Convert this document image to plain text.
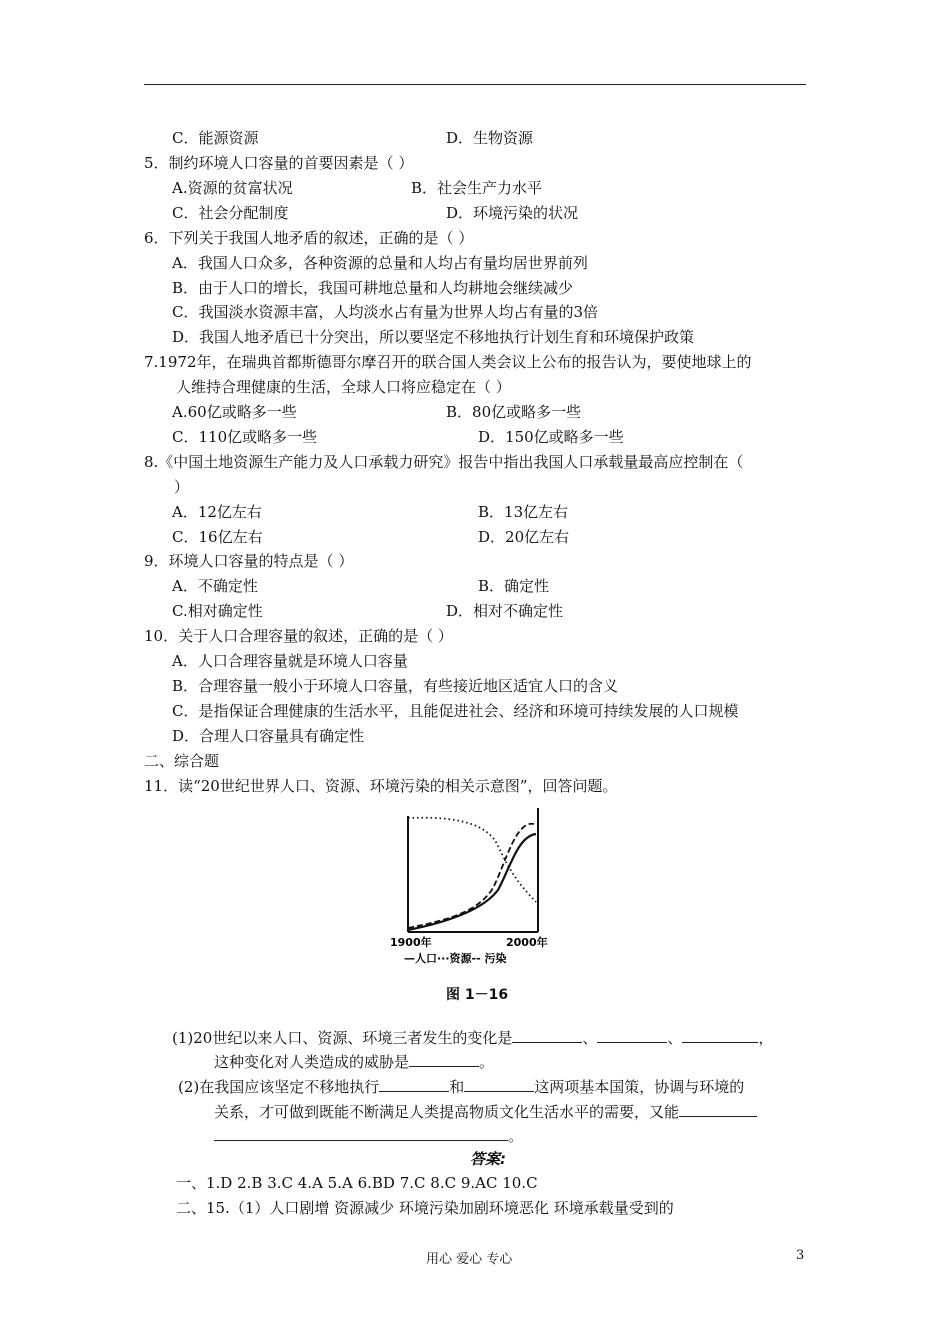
C．能源资源	D．生物资源
5．制约环境人口容量的首要因素是（ ）
A.资源的贫富状况	B．社会生产力水平
C．社会分配制度	D．环境污染的状况
6．下列关于我国人地矛盾的叙述，正确的是（ ）
A．我国人口众多，各种资源的总量和人均占有量均居世界前列
B．由于人口的增长，我国可耕地总量和人均耕地会继续减少
C．我国淡水资源丰富，人均淡水占有量为世界人均占有量的3倍
D．我国人地矛盾已十分突出，所以要坚定不移地执行计划生育和环境保护政策
7.1972年，在瑞典首都斯德哥尔摩召开的联合国人类会议上公布的报告认为，要使地球上的
人维持合理健康的生活，全球人口将应稳定在（ ）
A.60亿或略多一些	B．80亿或略多一些
C．110亿或略多一些	D．150亿或略多一些
8.《中国土地资源生产能力及人口承载力研究》报告中指出我国人口承载量最高应控制在（
）
A．12亿左右	B．13亿左右
C．16亿左右	D．20亿左右
9．环境人口容量的特点是（ ）
A．不确定性	B．确定性
C.相对确定性	D．相对不确定性
10．关于人口合理容量的叙述，正确的是（ ）
A．人口合理容量就是环境人口容量
B．合理容量一般小于环境人口容量，有些接近地区适宜人口的含义
C．是指保证合理健康的生活水平，且能促进社会、经济和环境可持续发展的人口规模
D．合理人口容量具有确定性
二、综合题
11．读“20世纪世界人口、资源、环境污染的相关示意图”，回答问题。
1900年	2000年
—人口···资源-- 污染
图 1－16
(1)20世纪以来人口、资源、环境三者发生的变化是	、	、	，
这种变化对人类造成的威胁是	。
(2)在我国应该坚定不移地执行	和	这两项基本国策，协调与环境的
关系，才可做到既能不断满足人类提高物质文化生活水平的需要，又能
。
答案:
一、1.D 2.B 3.C 4.A 5.A 6.BD 7.C 8.C 9.AC 10.C
二、15.（1）人口剧增 资源减少 环境污染加剧环境恶化 环境承载量受到的
用心 爱心 专心	3
